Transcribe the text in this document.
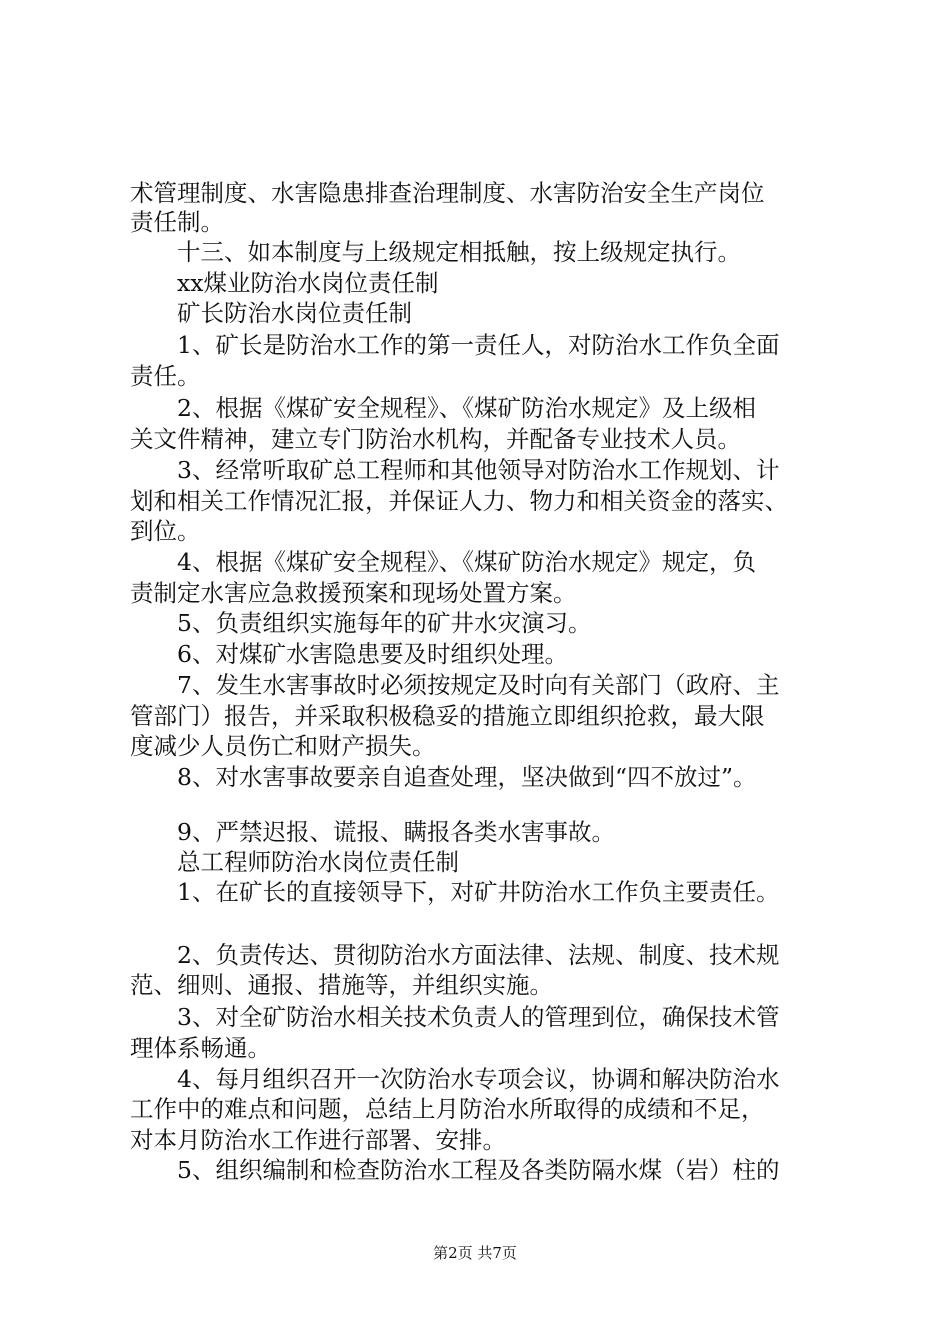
术管理制度、水害隐患排查治理制度、水害防治安全生产岗位
责任制。
十三、如本制度与上级规定相抵触，按上级规定执行。
xx煤业防治水岗位责任制
矿长防治水岗位责任制
1、矿长是防治水工作的第一责任人，对防治水工作负全面
责任。
2、根据《煤矿安全规程》、《煤矿防治水规定》及上级相
关文件精神，建立专门防治水机构，并配备专业技术人员。
3、经常听取矿总工程师和其他领导对防治水工作规划、计
划和相关工作情况汇报，并保证人力、物力和相关资金的落实、
到位。
4、根据《煤矿安全规程》、《煤矿防治水规定》规定，负
责制定水害应急救援预案和现场处置方案。
5、负责组织实施每年的矿井水灾演习。
6、对煤矿水害隐患要及时组织处理。
7、发生水害事故时必须按规定及时向有关部门（政府、主
管部门）报告，并采取积极稳妥的措施立即组织抢救，最大限
度减少人员伤亡和财产损失。
8、对水害事故要亲自追查处理，坚决做到“四不放过”。
9、严禁迟报、谎报、瞒报各类水害事故。
总工程师防治水岗位责任制
1、在矿长的直接领导下，对矿井防治水工作负主要责任。
2、负责传达、贯彻防治水方面法律、法规、制度、技术规
范、细则、通报、措施等，并组织实施。
3、对全矿防治水相关技术负责人的管理到位，确保技术管
理体系畅通。
4、每月组织召开一次防治水专项会议，协调和解决防治水
工作中的难点和问题，总结上月防治水所取得的成绩和不足，
对本月防治水工作进行部署、安排。
5、组织编制和检查防治水工程及各类防隔水煤（岩）柱的
第2页 共7页
